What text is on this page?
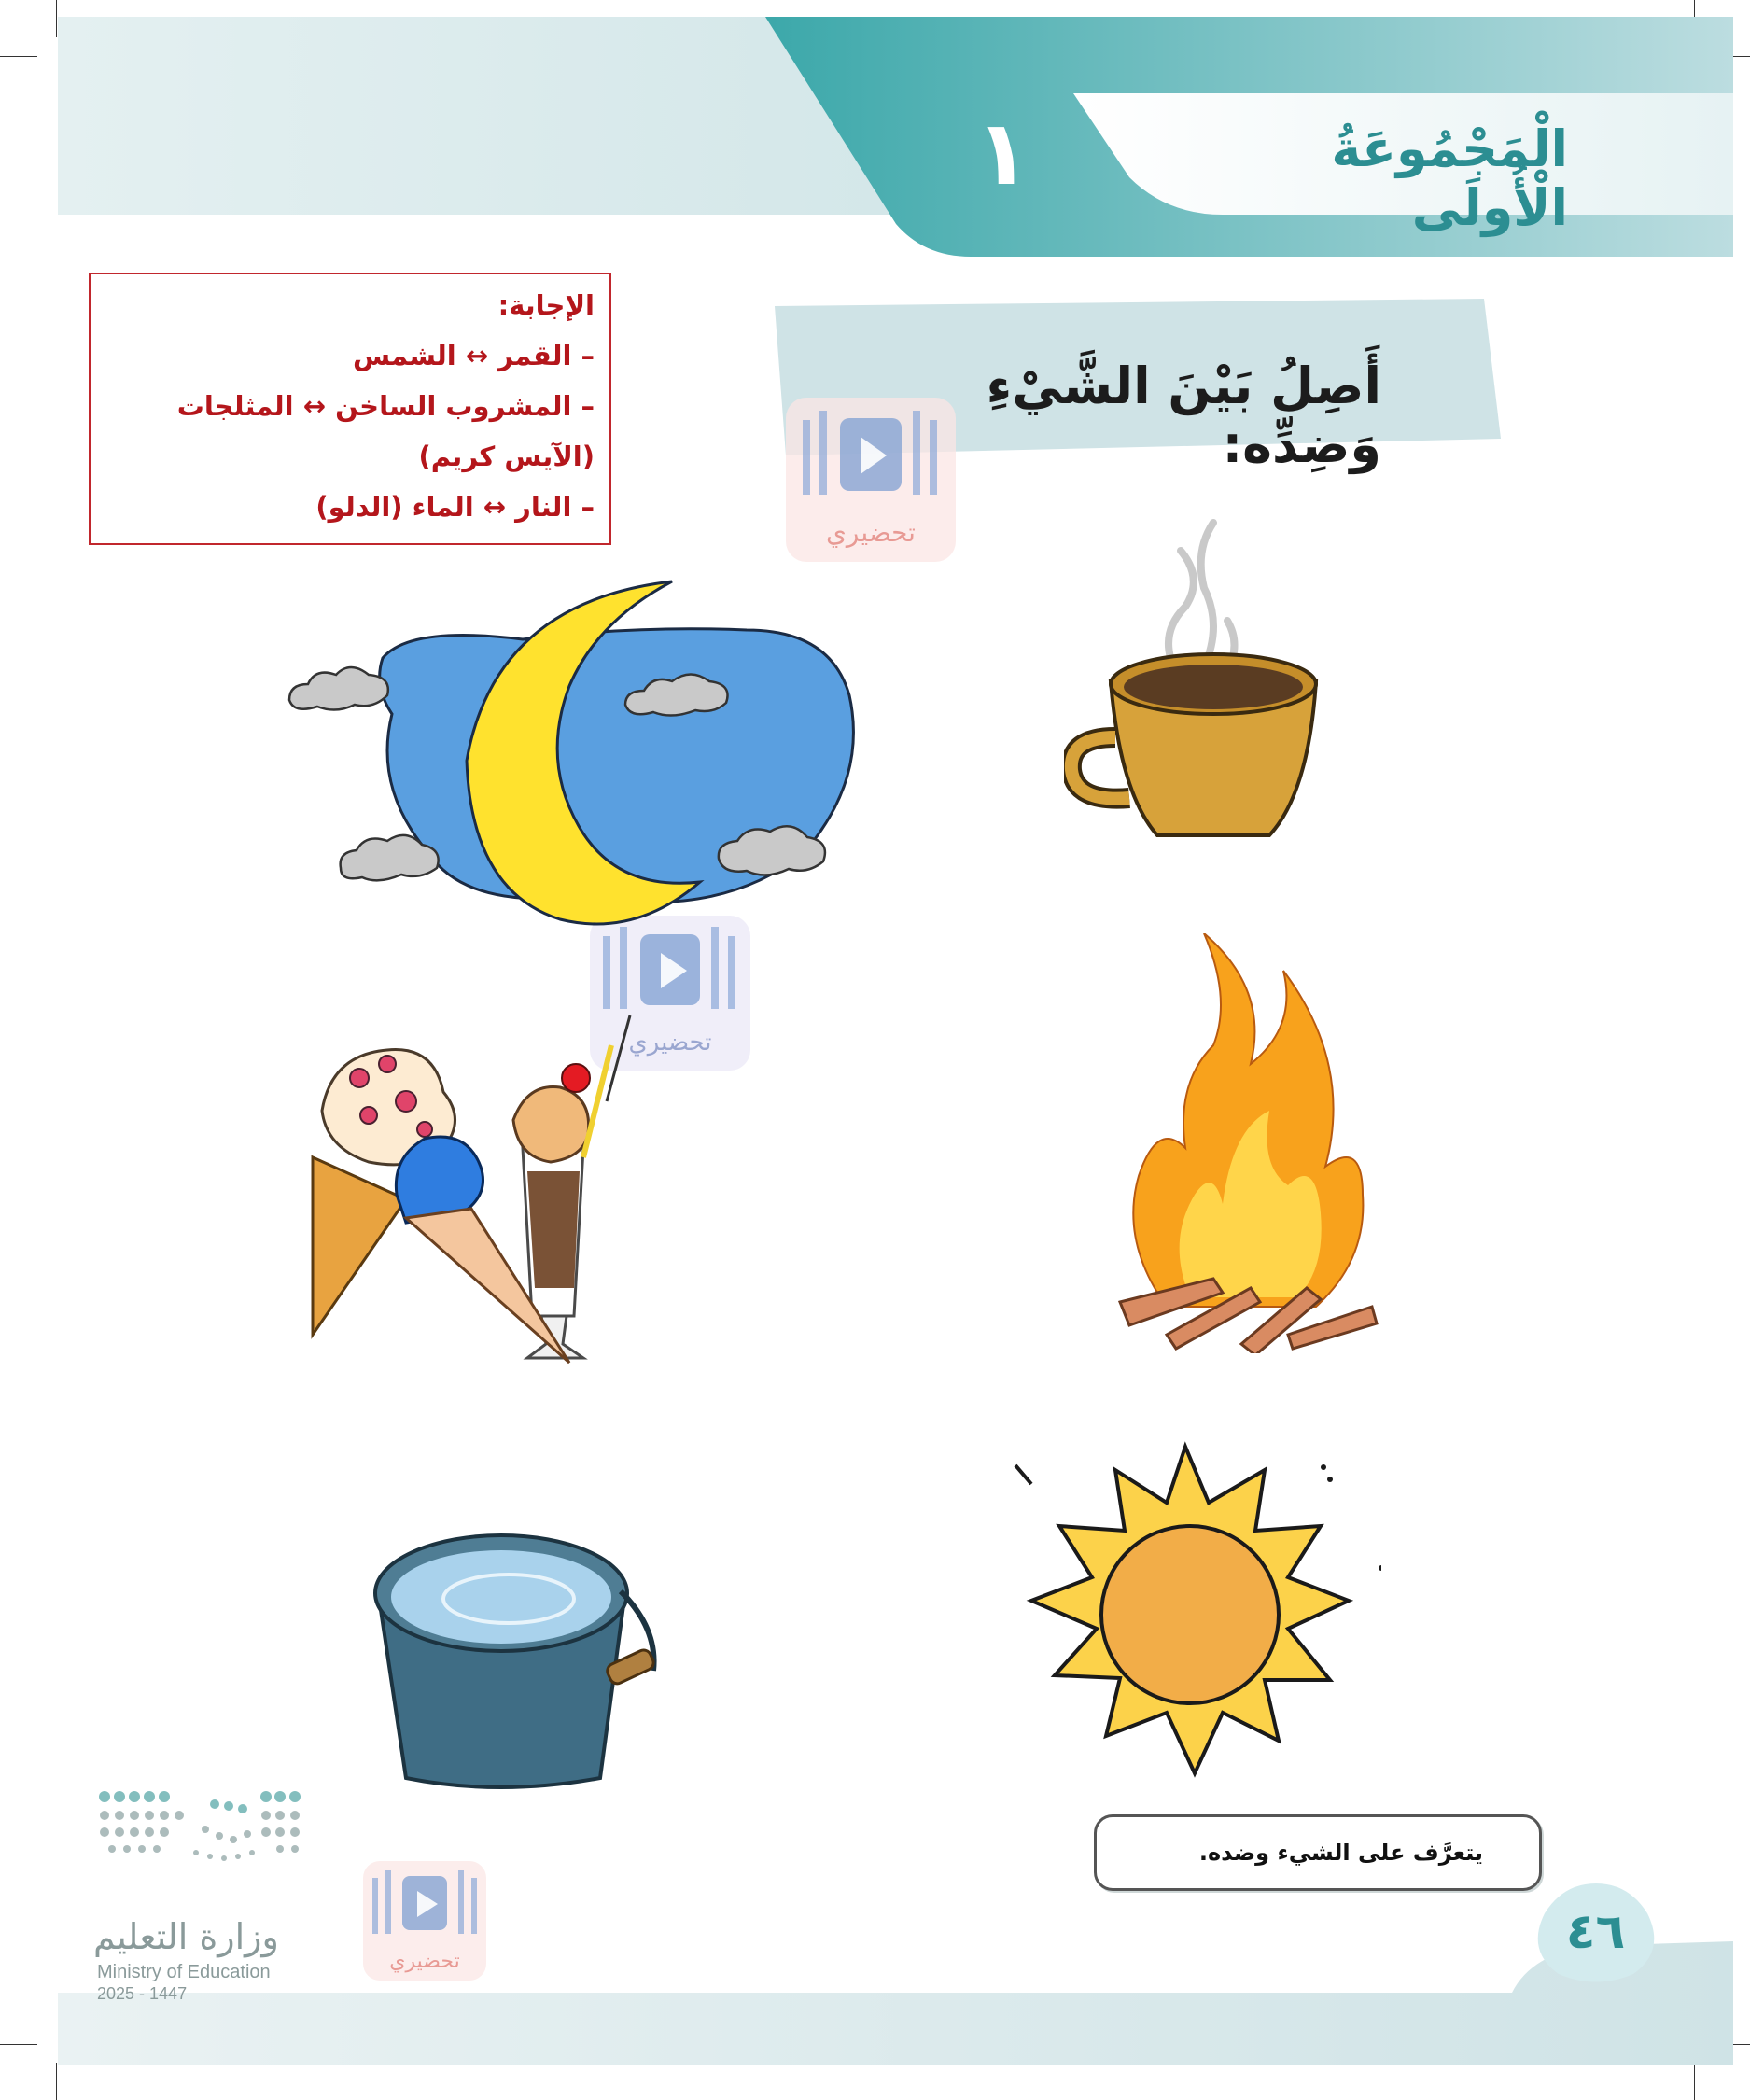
الْمَجْمُوعَةُ الْأُولَى
١
الإجابة:
– القمر ↔ الشمس
– المشروب الساخن ↔ المثلجات
(الآيس كريم)
– النار ↔ الماء (الدلو)
أَصِلُ بَيْنَ الشَّيْءِ وَضِدِّه:
تحضيري
تحضيري
تحضيري
يتعرَّف على الشيء وضده.
٤٦
وزارة التعليم
Ministry of Education
2025 - 1447
